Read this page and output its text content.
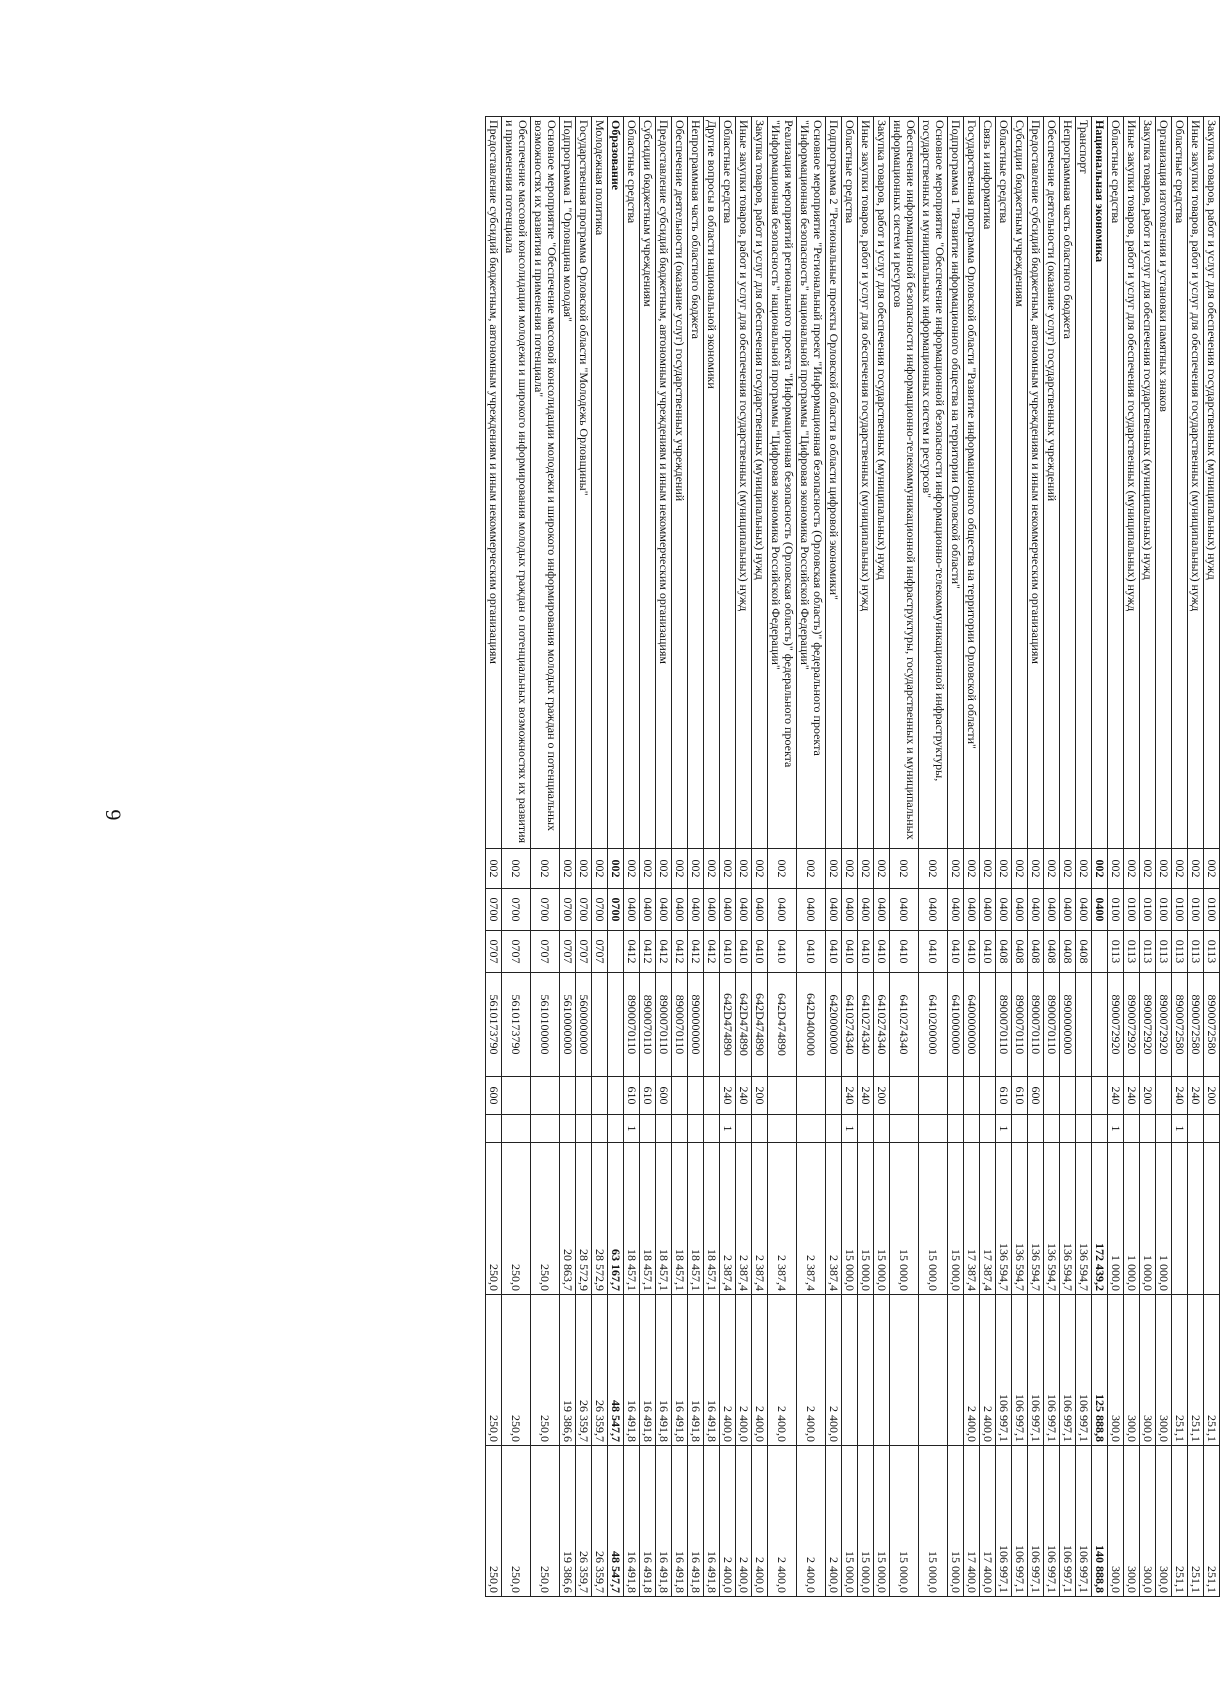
6
Закупка товаров, работ и услуг для обеспечения государственных (муниципальных) нужд	002	0100	0113	8900072580	200			251,1	251,1
Иные закупки товаров, работ и услуг для обеспечения государственных (муниципальных) нужд	002	0100	0113	8900072580	240			251,1	251,1
Областные средства	002	0100	0113	8900072580	240	1		251,1	251,1
Организация изготовления и установки памятных знаков	002	0100	0113	8900072920			1 000,0	300,0	300,0
Закупка товаров, работ и услуг для обеспечения государственных (муниципальных) нужд	002	0100	0113	8900072920	200		1 000,0	300,0	300,0
Иные закупки товаров, работ и услуг для обеспечения государственных (муниципальных) нужд	002	0100	0113	8900072920	240		1 000,0	300,0	300,0
Областные средства	002	0100	0113	8900072920	240	1	1 000,0	300,0	300,0
Национальная экономика	002	0400					172 439,2	125 888,8	140 888,8
Транспорт	002	0400	0408				136 594,7	106 997,1	106 997,1
Непрограммная часть областного бюджета	002	0400	0408	8900000000			136 594,7	106 997,1	106 997,1
Обеспечение деятельности (оказание услуг) государственных учреждений	002	0400	0408	8900070110			136 594,7	106 997,1	106 997,1
Предоставление субсидий бюджетным, автономным учреждениям и иным некоммерческим организациям	002	0400	0408	8900070110	600		136 594,7	106 997,1	106 997,1
Субсидии бюджетным учреждениям	002	0400	0408	8900070110	610		136 594,7	106 997,1	106 997,1
Областные средства	002	0400	0408	8900070110	610	1	136 594,7	106 997,1	106 997,1
Связь и информатика	002	0400	0410				17 387,4	2 400,0	17 400,0
Государственная программа Орловской области "Развитие информационного общества на территории Орловской области"	002	0400	0410	6400000000			17 387,4	2 400,0	17 400,0
Подпрограмма 1 "Развитие информационного общества на территории Орловской области"	002	0400	0410	6410000000			15 000,0		15 000,0
Основное мероприятие "Обеспечение информационной безопасности информационно-телекоммуникационной инфраструктуры, государственных и муниципальных информационных систем и ресурсов"	002	0400	0410	6410200000			15 000,0		15 000,0
Обеспечение информационной безопасности информационно-телекоммуникационной инфраструктуры, государственных и муниципальных информационных систем и ресурсов	002	0400	0410	6410274340			15 000,0		15 000,0
Закупка товаров, работ и услуг для обеспечения государственных (муниципальных) нужд	002	0400	0410	6410274340	200		15 000,0		15 000,0
Иные закупки товаров, работ и услуг для обеспечения государственных (муниципальных) нужд	002	0400	0410	6410274340	240		15 000,0		15 000,0
Областные средства	002	0400	0410	6410274340	240	1	15 000,0		15 000,0
Подпрограмма 2 "Региональные проекты Орловской области в области цифровой экономики"	002	0400	0410	6420000000			2 387,4	2 400,0	2 400,0
Основное мероприятие "Региональный проект "Информационная безопасность (Орловская область)" федерального проекта "Информационная безопасность" национальной программы "Цифровая экономика Российской Федерации"	002	0400	0410	642D400000			2 387,4	2 400,0	2 400,0
Реализация мероприятий регионального проекта "Информационная безопасность (Орловская область)" федерального проекта "Информационная безопасность" национальной программы "Цифровая экономика Российской Федерации"	002	0400	0410	642D474890			2 387,4	2 400,0	2 400,0
Закупка товаров, работ и услуг для обеспечения государственных (муниципальных) нужд	002	0400	0410	642D474890	200		2 387,4	2 400,0	2 400,0
Иные закупки товаров, работ и услуг для обеспечения государственных (муниципальных) нужд	002	0400	0410	642D474890	240		2 387,4	2 400,0	2 400,0
Областные средства	002	0400	0410	642D474890	240	1	2 387,4	2 400,0	2 400,0
Другие вопросы в области национальной экономики	002	0400	0412				18 457,1	16 491,8	16 491,8
Непрограммная часть областного бюджета	002	0400	0412	8900000000			18 457,1	16 491,8	16 491,8
Обеспечение деятельности (оказание услуг) государственных учреждений	002	0400	0412	8900070110			18 457,1	16 491,8	16 491,8
Предоставление субсидий бюджетным, автономным учреждениям и иным некоммерческим организациям	002	0400	0412	8900070110	600		18 457,1	16 491,8	16 491,8
Субсидии бюджетным учреждениям	002	0400	0412	8900070110	610		18 457,1	16 491,8	16 491,8
Областные средства	002	0400	0412	8900070110	610	1	18 457,1	16 491,8	16 491,8
Образование	002	0700					63 167,7	48 547,7	48 547,7
Молодежная политика	002	0700	0707				28 572,9	26 359,7	26 359,7
Государственная программа Орловской области "Молодежь Орловщины"	002	0700	0707	5600000000			28 572,9	26 359,7	26 359,7
Подпрограмма 1 "Орловщина молодая"	002	0700	0707	5610000000			20 863,7	19 386,6	19 386,6
Основное мероприятие "Обеспечение массовой консолидации молодежи и широкого информирования молодых граждан о потенциальных возможностях их развития и применения потенциала"	002	0700	0707	5610100000			250,0	250,0	250,0
Обеспечение массовой консолидации молодежи и широкого информирования молодых граждан о потенциальных возможностях их развития и применения потенциала	002	0700	0707	5610173790			250,0	250,0	250,0
Предоставление субсидий бюджетным, автономным учреждениям и иным некоммерческим организациям	002	0700	0707	5610173790	600		250,0	250,0	250,0
